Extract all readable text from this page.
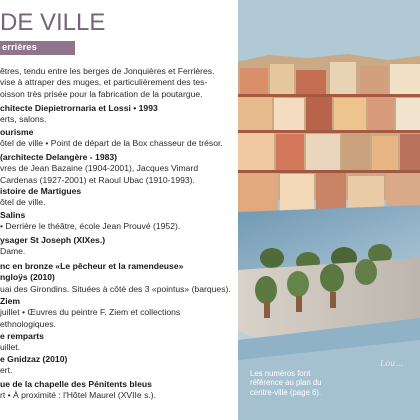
DE VILLE
errières
êtres, tendu entre les berges de Jonquières et Ferrières.
vise à attraper des muges, et particulièrement des tes-
oisson très prisée pour la fabrication de la poutargue.
chitecte Diepietrornaria et Lossi • 1993
erts, salons.
ourisme
ôtel de ville • Point de départ de la Box chasseur de trésor.
(architecte Delangère - 1983)
vres de Jean Bazaine (1904-2001), Jacques Vimard
Cardenas (1927-2001) et Raoul Ubac (1910-1993).
istoire de Martigues
ôtel de ville.
Salins
• Derrière le théâtre, école Jean Prouvé (1952).
ysager St Joseph (XIXes.)
Dame.
nc en bronze «Le pêcheur et la ramendeuse»
nglоÿs (2010)
uai des Girondins. Situées à côté des 3 «pointus» (barques).
Ziem
juillet • Œuvres du peintre F. Ziem et collections
ethnologiques.
e remparts
uillet.
e Gnidzaz (2010)
ert.
ue de la chapelle des Pénitents bleus
rt • À proximité : l'Hôtel Maurel (XVIIe s.).
Les numéros font référence au plan du centre-ville (page 6).
Lou...
